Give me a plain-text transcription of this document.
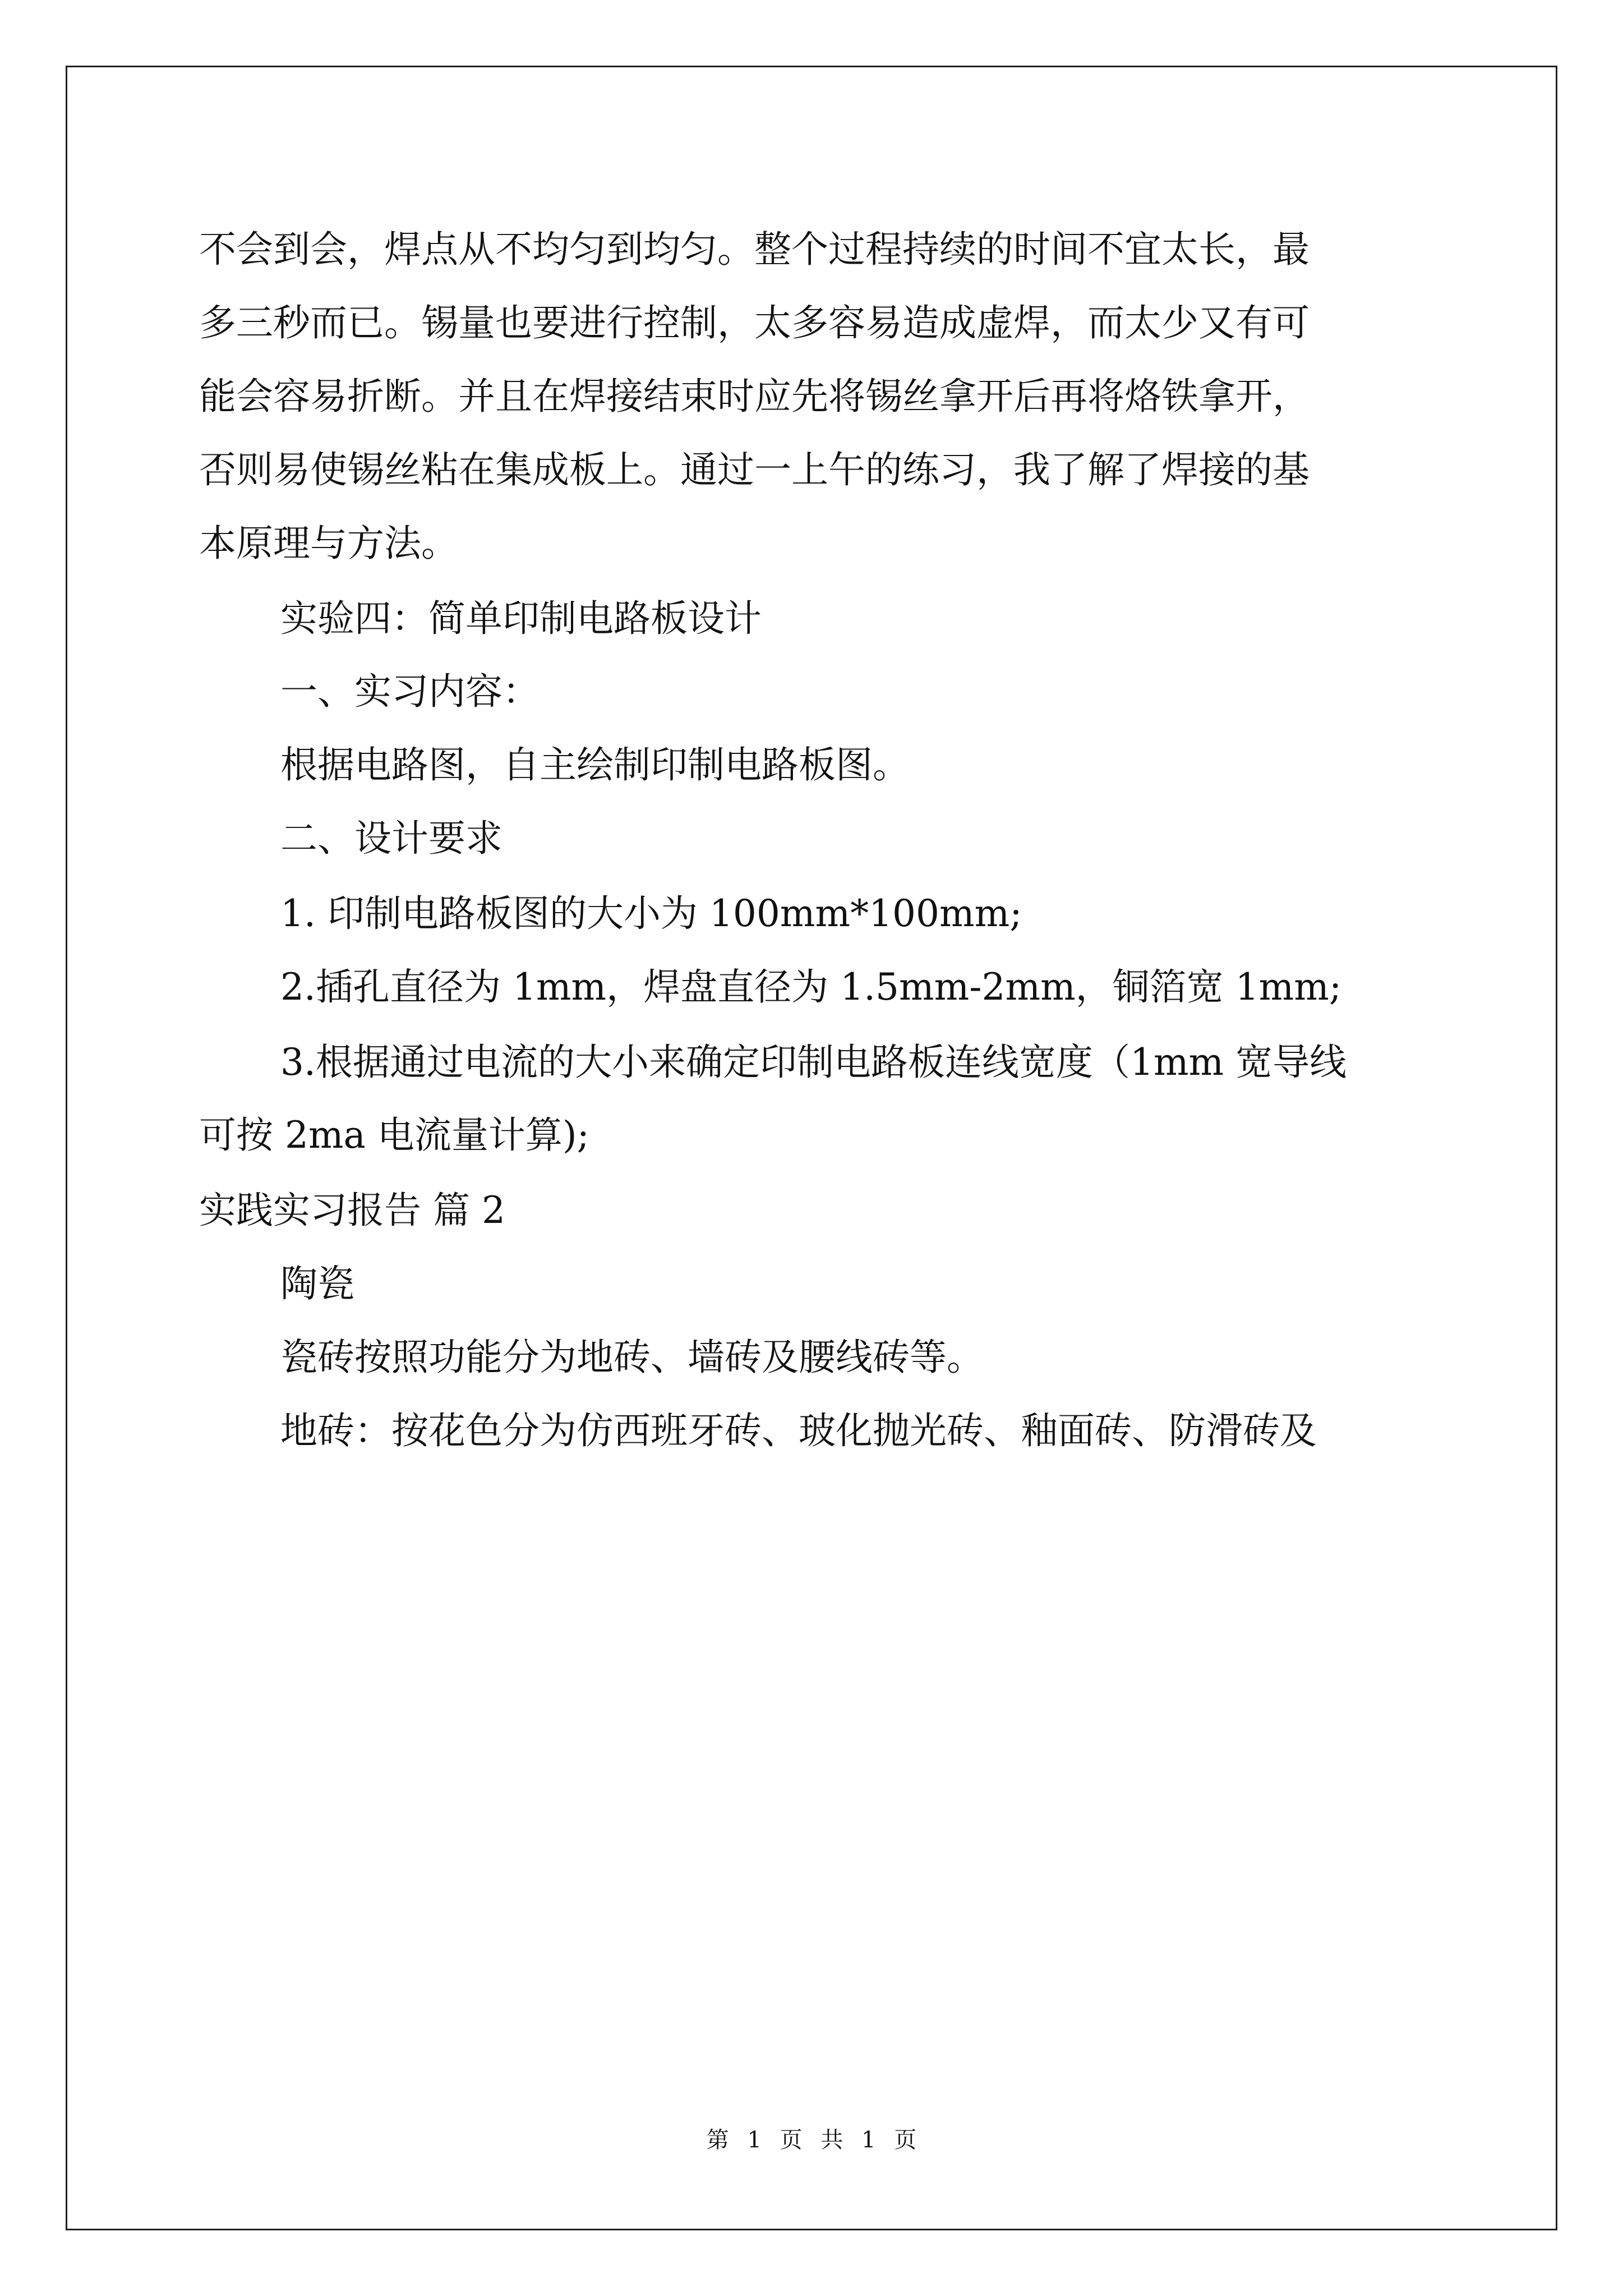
不会到会，焊点从不均匀到均匀。整个过程持续的时间不宜太长，最
多三秒而已。锡量也要进行控制，太多容易造成虚焊，而太少又有可
能会容易折断。并且在焊接结束时应先将锡丝拿开后再将烙铁拿开，
否则易使锡丝粘在集成板上。通过一上午的练习，我了解了焊接的基
本原理与方法。
实验四：简单印制电路板设计
一、实习内容：
根据电路图，自主绘制印制电路板图。
二、设计要求
1. 印制电路板图的大小为 100mm*100mm;
2.插孔直径为 1mm，焊盘直径为 1.5mm-2mm，铜箔宽 1mm;
3.根据通过电流的大小来确定印制电路板连线宽度（1mm 宽导线
可按 2ma 电流量计算);
实践实习报告 篇 2
陶瓷
瓷砖按照功能分为地砖、墙砖及腰线砖等。
地砖：按花色分为仿西班牙砖、玻化抛光砖、釉面砖、防滑砖及
第 1 页 共 1 页
